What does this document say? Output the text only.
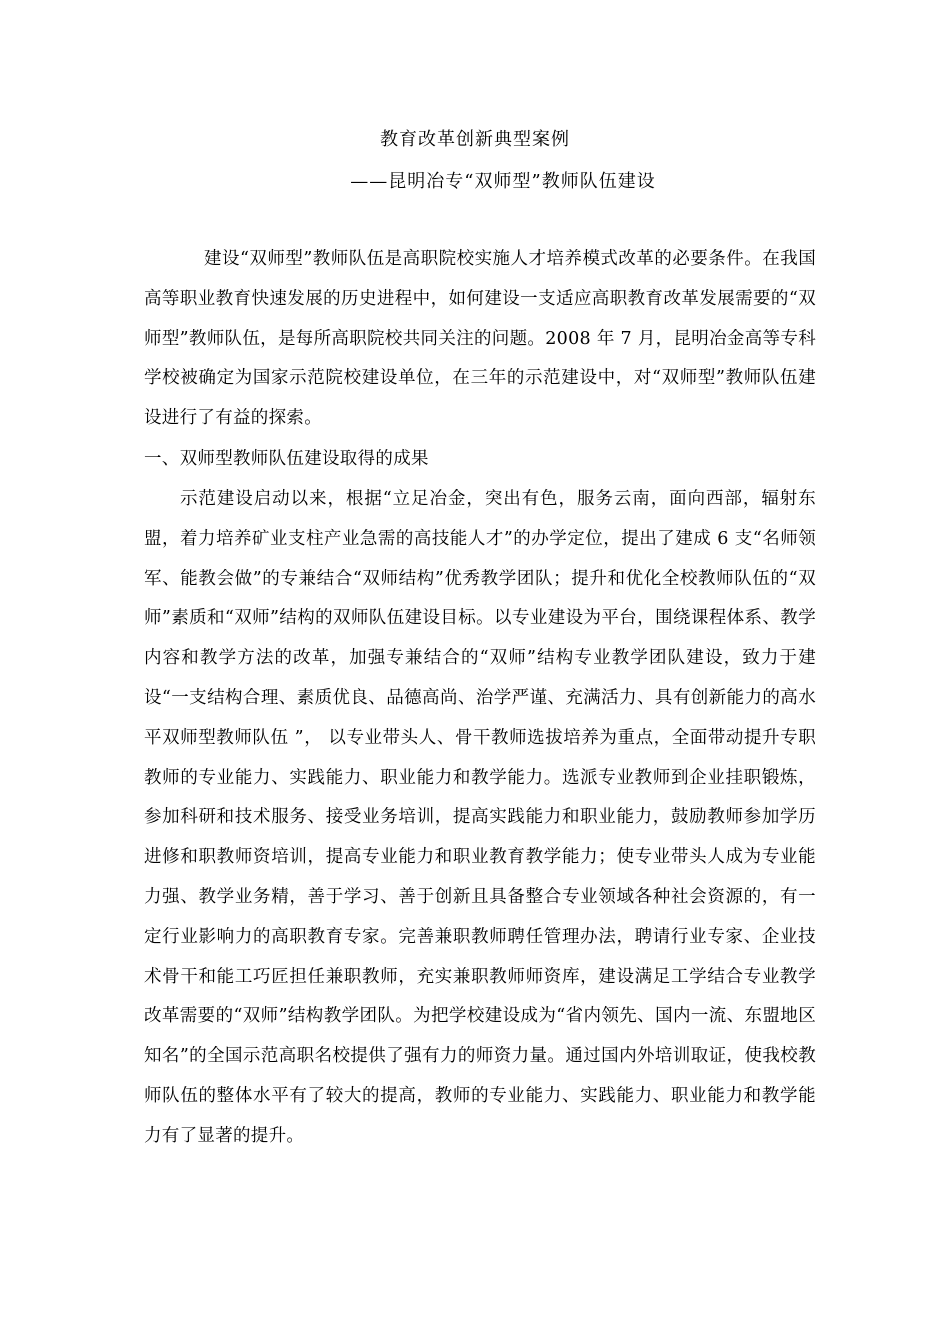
教育改革创新典型案例
——昆明冶专“双师型”教师队伍建设

建设“双师型”教师队伍是高职院校实施人才培养模式改革的必要条件。在我国高等职业教育快速发展的历史进程中，如何建设一支适应高职教育改革发展需要的“双师型”教师队伍，是每所高职院校共同关注的问题。2008 年 7 月，昆明冶金高等专科学校被确定为国家示范院校建设单位，在三年的示范建设中，对“双师型”教师队伍建设进行了有益的探索。

一、双师型教师队伍建设取得的成果

示范建设启动以来，根据“立足冶金，突出有色，服务云南，面向西部，辐射东盟，着力培养矿业支柱产业急需的高技能人才”的办学定位，提出了建成 6 支“名师领军、能教会做”的专兼结合“双师结构”优秀教学团队；提升和优化全校教师队伍的“双师”素质和“双师”结构的双师队伍建设目标。以专业建设为平台，围绕课程体系、教学内容和教学方法的改革，加强专兼结合的“双师”结构专业教学团队建设，致力于建设“一支结构合理、素质优良、品德高尚、治学严谨、充满活力、具有创新能力的高水平双师型教师队伍 ”， 以专业带头人、骨干教师选拔培养为重点，全面带动提升专职教师的专业能力、实践能力、职业能力和教学能力。选派专业教师到企业挂职锻炼，参加科研和技术服务、接受业务培训，提高实践能力和职业能力，鼓励教师参加学历进修和职教师资培训，提高专业能力和职业教育教学能力；使专业带头人成为专业能力强、教学业务精，善于学习、善于创新且具备整合专业领域各种社会资源的，有一定行业影响力的高职教育专家。完善兼职教师聘任管理办法，聘请行业专家、企业技术骨干和能工巧匠担任兼职教师，充实兼职教师师资库，建设满足工学结合专业教学改革需要的“双师”结构教学团队。为把学校建设成为“省内领先、国内一流、东盟地区知名”的全国示范高职名校提供了强有力的师资力量。通过国内外培训取证，使我校教师队伍的整体水平有了较大的提高，教师的专业能力、实践能力、职业能力和教学能力有了显著的提升。
